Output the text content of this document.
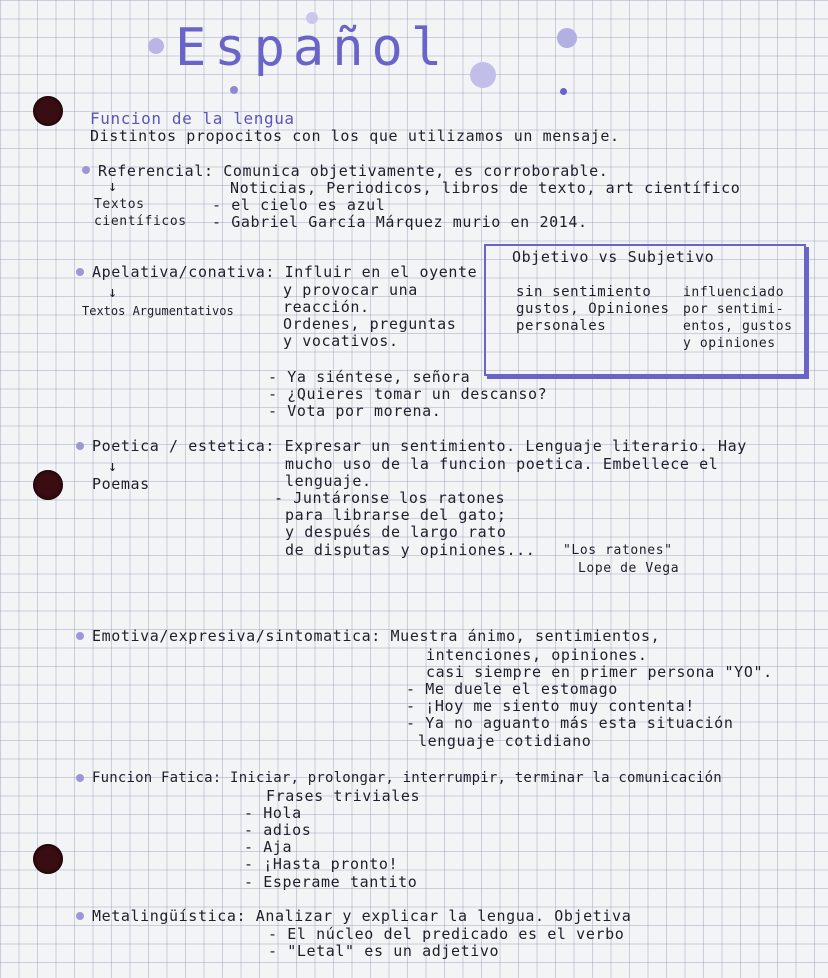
Español
Funcion de la lengua
Distintos propocitos con los que utilizamos un mensaje.
Referencial: Comunica objetivamente, es corroborable.
Noticias, Periodicos, libros de texto, art científico
- el cielo es azul
- Gabriel García Márquez murio en 2014.
↓
Textos
científicos
Objetivo vs Subjetivo
sin sentimiento
gustos, Opiniones
personales
influenciado
por sentimi-
entos, gustos
y opiniones
Apelativa/conativa: Influir en el oyente
y provocar una
reacción.
Ordenes, preguntas
y vocativos.
- Ya siéntese, señora
- ¿Quieres tomar un descanso?
- Vota por morena.
↓
Textos Argumentativos
Poetica / estetica: Expresar un sentimiento. Lenguaje literario. Hay
mucho uso de la funcion poetica. Embellece el
lenguaje.
- Juntáronse los ratones
para librarse del gato;
y después de largo rato
de disputas y opiniones... "Los ratones"
Lope de Vega
↓
Poemas
Emotiva/expresiva/sintomatica: Muestra ánimo, sentimientos,
intenciones, opiniones.
casi siempre en primer persona "YO".
- Me duele el estomago
- ¡Hoy me siento muy contenta!
- Ya no aguanto más esta situación
lenguaje cotidiano
Funcion Fatica: Iniciar, prolongar, interrumpir, terminar la comunicación
Frases triviales
- Hola
- adios
- Aja
- ¡Hasta pronto!
- Esperame tantito
Metalingüística: Analizar y explicar la lengua. Objetiva
- El núcleo del predicado es el verbo
- "Letal" es un adjetivo
